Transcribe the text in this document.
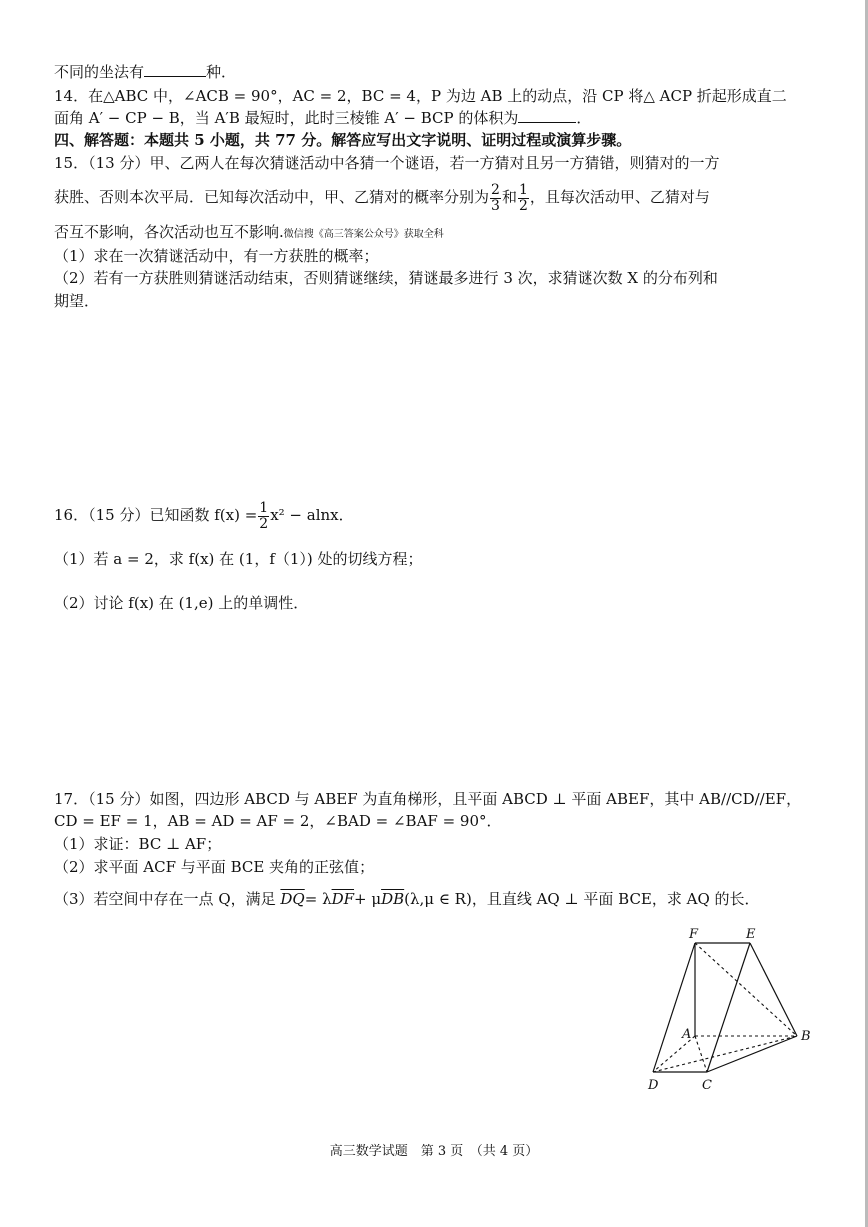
不同的坐法有	种．
14．在△ABC 中，∠ACB = 90°，AC = 2，BC = 4，P 为边 AB 上的动点，沿 CP 将△ ACP 折起形成直二
面角 A′ − CP − B，当 A′B 最短时，此时三棱锥 A′ − BCP 的体积为	．
四、解答题：本题共 5 小题，共 77 分。解答应写出文字说明、证明过程或演算步骤。
15．（13 分）甲、乙两人在每次猜谜活动中各猜一个谜语，若一方猜对且另一方猜错，则猜对的一方
获胜、否则本次平局．已知每次活动中，甲、乙猜对的概率分别为 $\frac{2}{3}$ 和 $\frac{1}{2}$ ，且每次活动甲、乙猜对与
否互不影响，各次活动也互不影响.微信搜《高三答案公众号》获取全科
（1）求在一次猜谜活动中，有一方获胜的概率；
（2）若有一方获胜则猜谜活动结束，否则猜谜继续，猜谜最多进行 3 次，求猜谜次数 X 的分布列和
期望．
16．（15 分）已知函数 $f(x) = \frac{1}{2} x^2 - alnx$．
（1）若 a = 2，求 f(x) 在 (1，f（1）) 处的切线方程；
（2）讨论 f(x) 在 (1,e) 上的单调性．
17．（15 分）如图，四边形 ABCD 与 ABEF 为直角梯形，且平面 ABCD ⊥ 平面 ABEF，其中 AB//CD//EF，
CD = EF = 1，AB = AD = AF = 2，∠BAD = ∠BAF = 90°．
（1）求证：BC ⊥ AF；
（2）求平面 ACF 与平面 BCE 夹角的正弦值；
（3）若空间中存在一点 Q，满足 $\overline{DQ}= \lambda\overline{DF}+ \mu\overline{DB}(\lambda,\mu$ ∈ R)，且直线 AQ ⊥ 平面 BCE，求 AQ 的长．
F	E
A	B
D	C
高三数学试题　第 3 页　（共 4 页）
